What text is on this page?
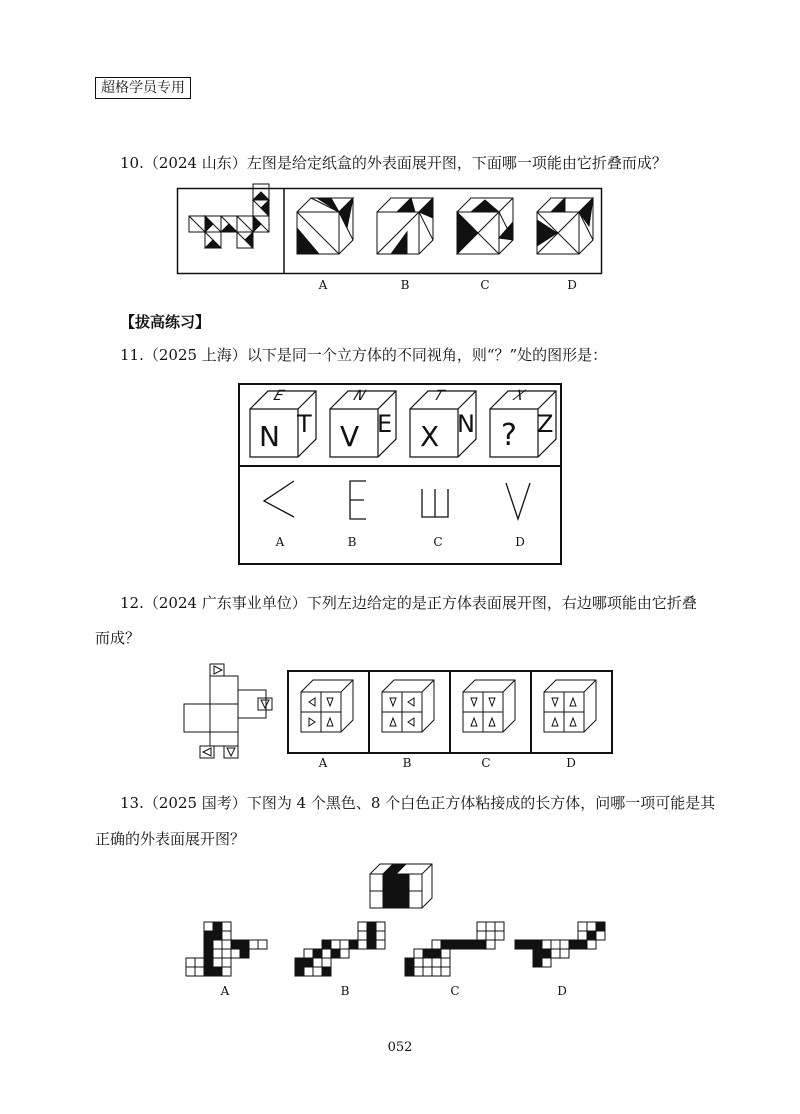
超格学员专用
10.（2024 山东）左图是给定纸盒的外表面展开图，下面哪一项能由它折叠而成？
A	B	C	D
【拔高练习】
11.（2025 上海）以下是同一个立方体的不同视角，则“？”处的图形是：
N
E
T V
N
E X
T
N ?
X
Z
A	B	C	D
12.（2024 广东事业单位）下列左边给定的是正方体表面展开图，右边哪项能由它折叠
而成？
A	B	C	D
13.（2025 国考）下图为 4 个黑色、8 个白色正方体粘接成的长方体，问哪一项可能是其
正确的外表面展开图？
A	B	C	D
052
